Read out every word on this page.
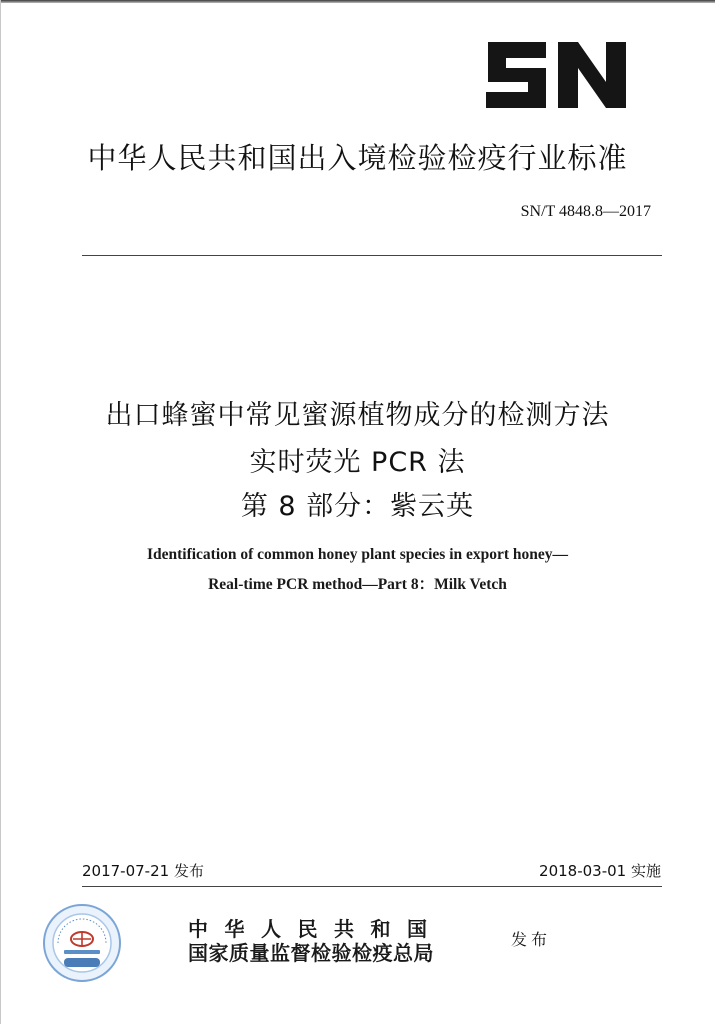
中华人民共和国出入境检验检疫行业标准
SN/T 4848.8—2017
出口蜂蜜中常见蜜源植物成分的检测方法
实时荧光 PCR 法
第 8 部分：紫云英
Identification of common honey plant species in export honey—
Real-time PCR method—Part 8：Milk Vetch
2017-07-21 发布	2018-03-01 实施
中华人民共和国
国家质量监督检验检疫总局
发布
